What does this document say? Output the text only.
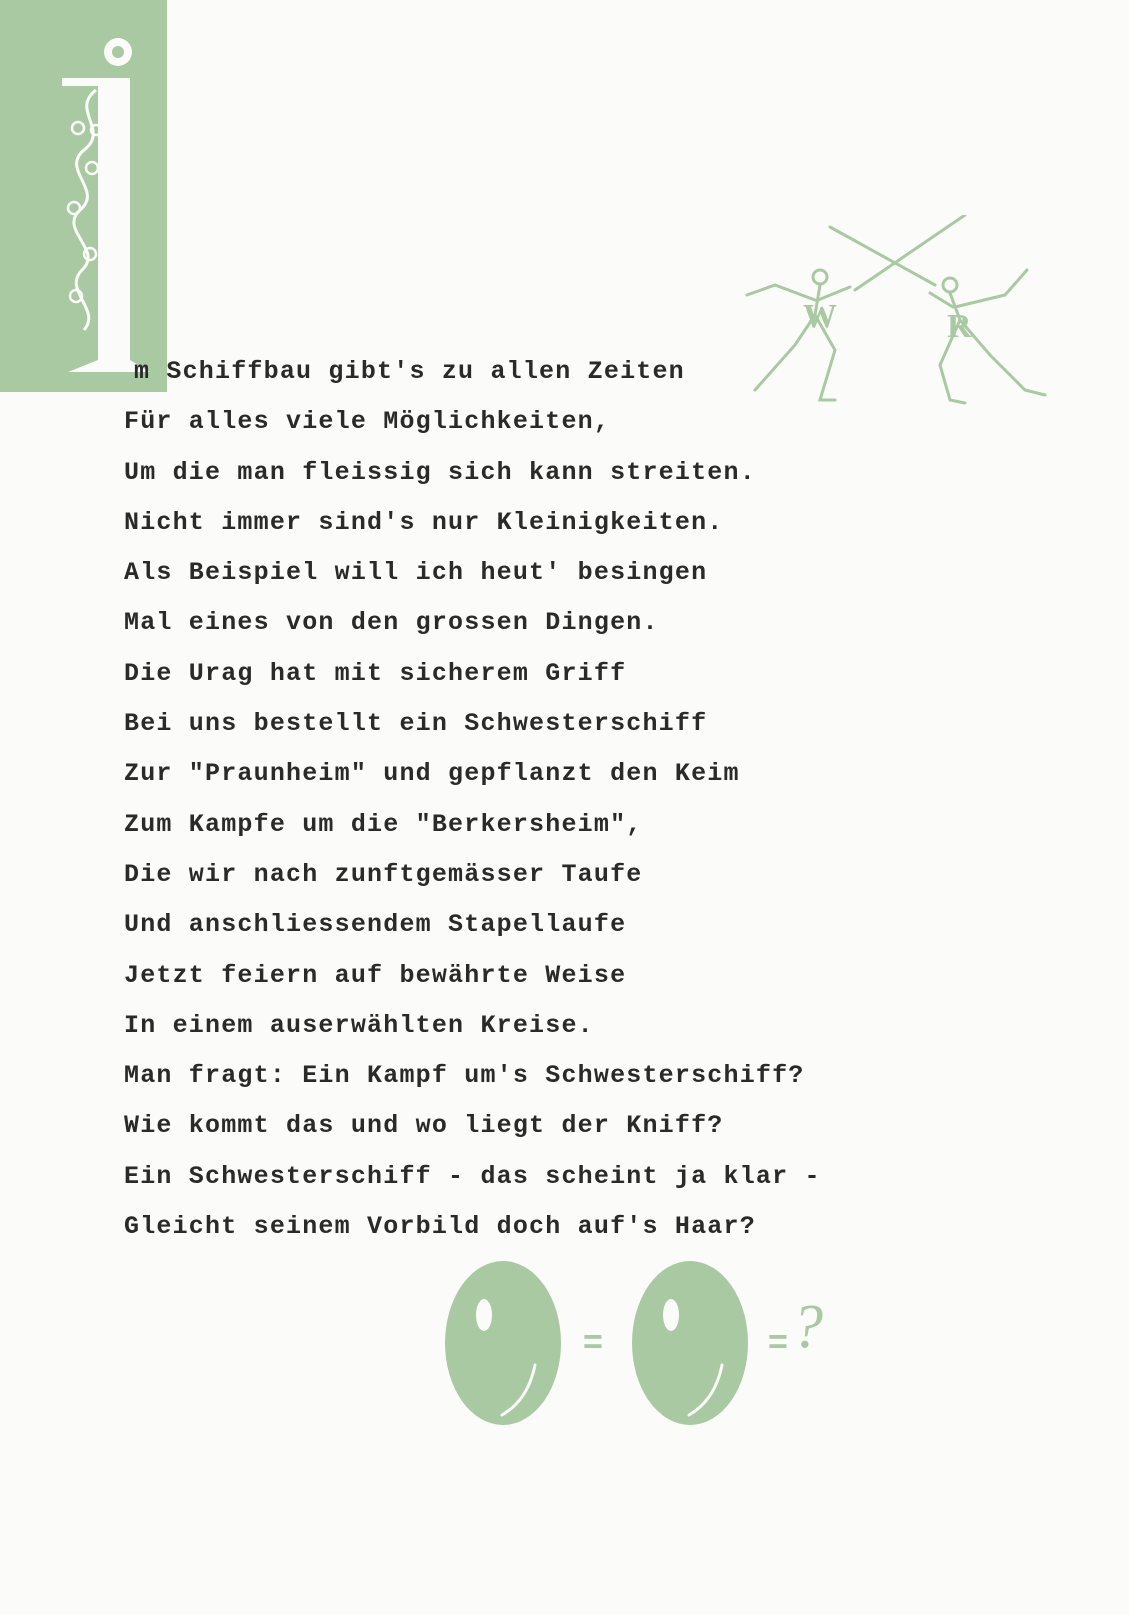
W	R
m Schiffbau gibt's zu allen Zeiten
Für alles viele Möglichkeiten,
Um die man fleissig sich kann streiten.
Nicht immer sind's nur Kleinigkeiten.
Als Beispiel will ich heut' besingen
Mal eines von den grossen Dingen.
Die Urag hat mit sicherem Griff
Bei uns bestellt ein Schwesterschiff
Zur "Praunheim" und gepflanzt den Keim
Zum Kampfe um die "Berkersheim",
Die wir nach zunftgemässer Taufe
Und anschliessendem Stapellaufe
Jetzt feiern auf bewährte Weise
In einem auserwählten Kreise.
Man fragt: Ein Kampf um's Schwesterschiff?
Wie kommt das und wo liegt der Kniff?
Ein Schwesterschiff - das scheint ja klar -
Gleicht seinem Vorbild doch auf's Haar?
=	= ?
